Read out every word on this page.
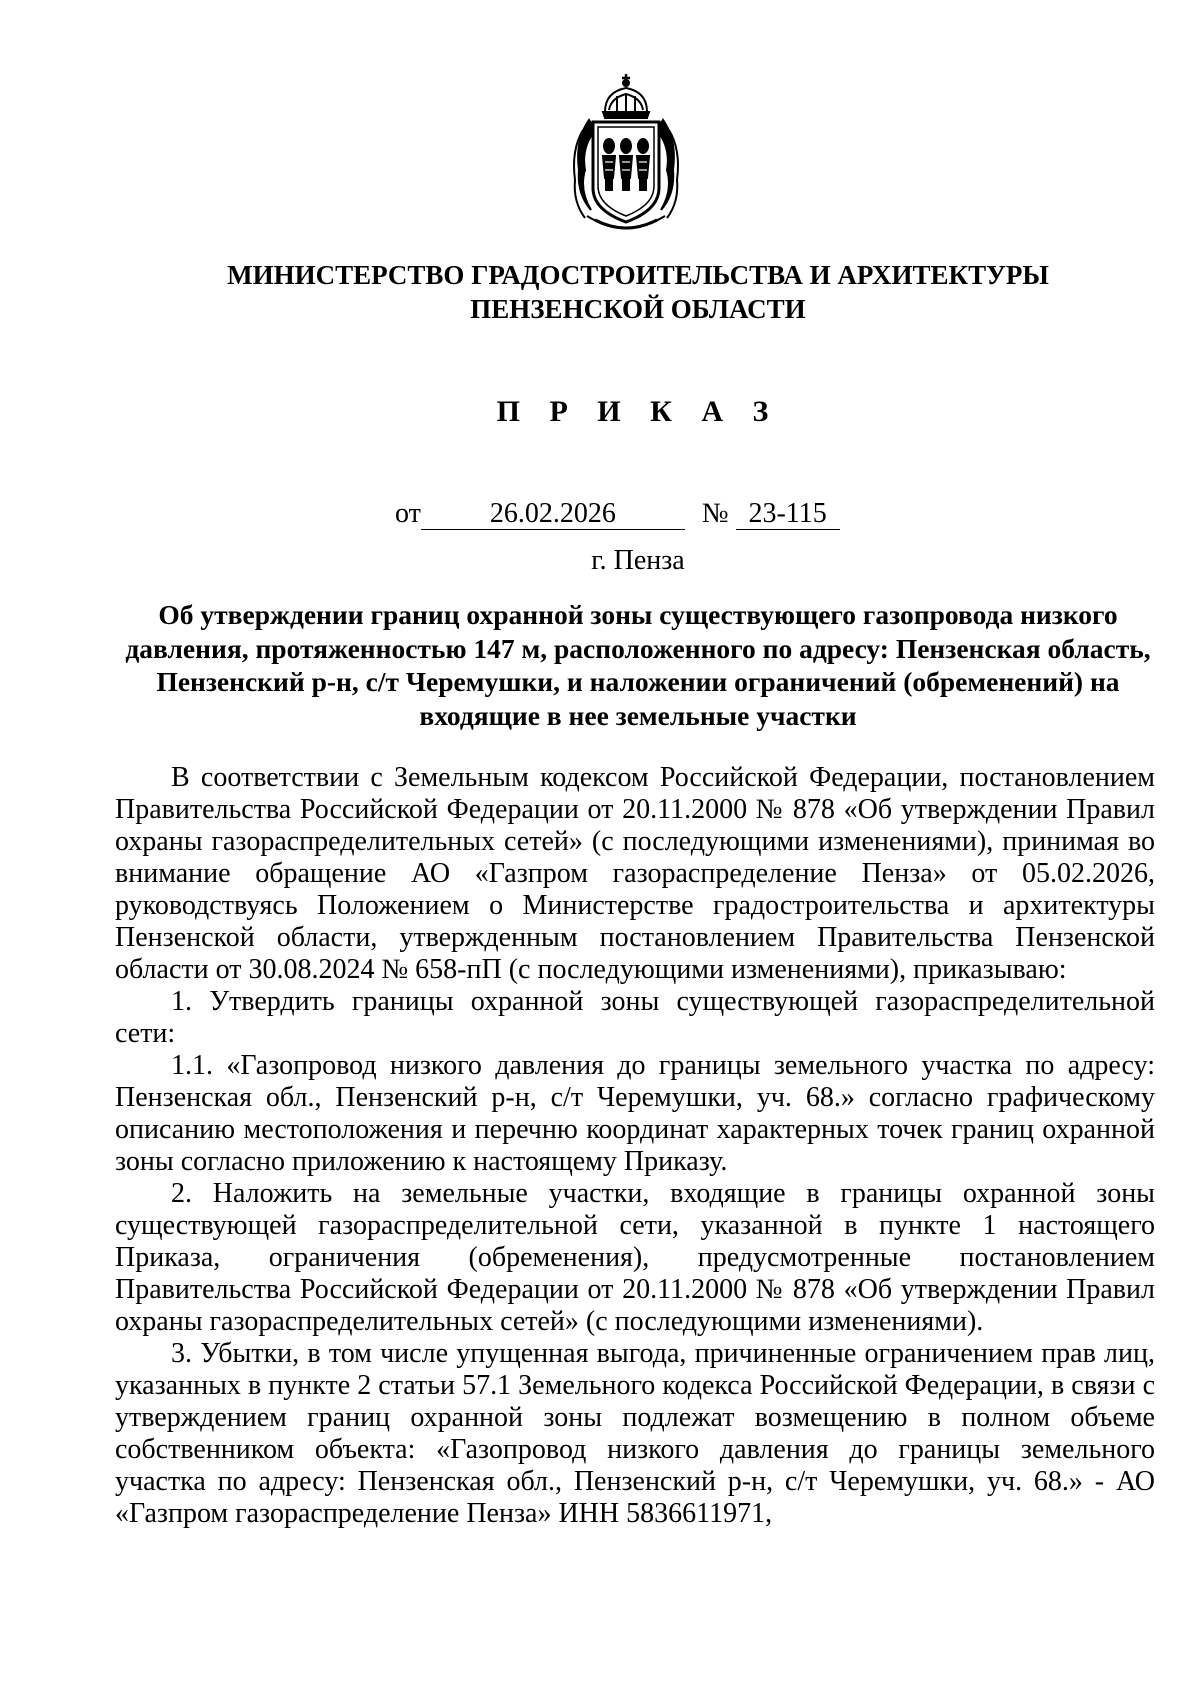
МИНИСТЕРСТВО ГРАДОСТРОИТЕЛЬСТВА И АРХИТЕКТУРЫ
ПЕНЗЕНСКОЙ ОБЛАСТИ
П Р И К А З
от 26.02.2026	№ 23-115
г. Пенза
Об утверждении границ охранной зоны существующего газопровода низкого давления, протяженностью 147 м, расположенного по адресу: Пензенская область, Пензенский р-н, с/т Черемушки, и наложении ограничений (обременений) на входящие в нее земельные участки

В соответствии с Земельным кодексом Российской Федерации, постановлением Правительства Российской Федерации от 20.11.2000 № 878 «Об утверждении Правил охраны газораспределительных сетей» (с последующими изменениями), принимая во внимание обращение АО «Газпром газораспределение Пенза» от 05.02.2026, руководствуясь Положением о Министерстве градостроительства и архитектуры Пензенской области, утвержденным постановлением Правительства Пензенской области от 30.08.2024 № 658-пП (с последующими изменениями), приказываю:

1. Утвердить границы охранной зоны существующей газораспределительной сети:

1.1. «Газопровод низкого давления до границы земельного участка по адресу: Пензенская обл., Пензенский р-н, с/т Черемушки, уч. 68.» согласно графическому описанию местоположения и перечню координат характерных точек границ охранной зоны согласно приложению к настоящему Приказу.

2. Наложить на земельные участки, входящие в границы охранной зоны существующей газораспределительной сети, указанной в пункте 1 настоящего Приказа, ограничения (обременения), предусмотренные постановлением Правительства Российской Федерации от 20.11.2000 № 878 «Об утверждении Правил охраны газораспределительных сетей» (с последующими изменениями).

3. Убытки, в том числе упущенная выгода, причиненные ограничением прав лиц, указанных в пункте 2 статьи 57.1 Земельного кодекса Российской Федерации, в связи с утверждением границ охранной зоны подлежат возмещению в полном объеме собственником объекта: «Газопровод низкого давления до границы земельного участка по адресу: Пензенская обл., Пензенский р-н, с/т Черемушки, уч. 68.» - АО «Газпром газораспределение Пенза» ИНН 5836611971,
